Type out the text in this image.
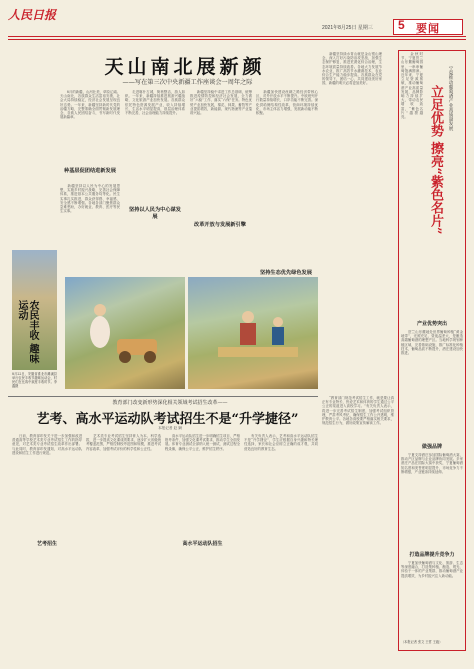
人民日报
2021年8月25日 星期三 5 要闻
天山南北展新颜
——写在第三次中央新疆工作座谈会一周年之际
　　8月的新疆，山河壮美，草原辽阔。天山南北，各族群众生活富裕安康，社会大局持续稳定，经济社会发展呈现良好态势。一年来，新疆坚持新时代党的治疆方略，完整准确全面贯彻新发展理念，各族人民团结奋斗，书写新时代发展新篇章。
种基层促团结进新发展
　　新疆坚持以人民为中心的发展思想，实施乡村振兴战略，完善社会保障体系，推进基本公共服务均等化。民生实事扎实推进，群众获得感、幸福感、安全感不断增强。各地各部门聚焦群众急难愁盼，办好就业、教育、医疗等民生实事。
　　走进喀什古城，街巷整洁，游人如织。一年来，新疆持续推进旅游兴疆战略，文化旅游产业加快发展。各族群众依托特色资源发展产业，收入持续增长，生活水平明显提高，基层治理体系不断完善，社会治理能力持续提升。
坚持以人民为中心谋发展
　　新疆坚持稳中求进工作总基调，统筹推进疫情防控和经济社会发展，全力做好“六稳”工作、落实“六保”任务。特色优势产业加快发展，棉花、林果、畜牧等产业提质增效，新能源、现代物流等产业蓬勃兴起。
改革开放与发展新引擎
　　新疆加快建设丝绸之路经济带核心区，对外开放水平不断提升。中欧班列开行数量持续增长，口岸功能不断完善。深化供给侧结构性改革，营商环境持续优化，市场主体活力增强，发展新动能不断积聚。
坚持生态优先绿色发展
　　新疆坚持绿水青山就是金山银山理念，深入打好污染防治攻坚战，加强生态保护修复，推进荒漠化综合治理，生态环境质量持续改善。各地大力发展节水农业，推广高效节水灌溉技术，农业综合生产能力稳步提高。各族群众在党的领导下，团结一心，共同建设美好家园，新疆的明天必将更加美好。
农民丰收 趣味运动
8月22日，安徽省淮北市濉溪县举行农民丰收节趣味运动会，村民们在比赛中欢度丰收时节。李 鑫摄
立足优势 擦亮“紫色名片” 宁夏推动葡萄酒产业高质量发展
　　金秋时节，宁夏贺兰山东麓葡萄园里，一串串葡萄饱满圆润。近年来，宁夏立足资源禀赋，推动葡萄酒产业高质量发展，品牌影响力持续扩大，带动农民增收致富，“紫色名片”越擦越亮。
产业优势突出
　　贺兰山东麓地处世界葡萄种植“黄金地带”，光照充足、昼夜温差大，是酿造高端葡萄酒的理想产区。当地科学规划种植区域，完善基础设施，推广标准化种植技术，葡萄品质不断提升，酒庄建设加快推进。
做强品牌
　　宁夏支持酒庄参加国际葡萄酒大赛，推动产区品牌与企业品牌协同发展。多家酒庄产品在国际大赛中获奖，宁夏葡萄酒知名度和美誉度明显提升，市场竞争力不断增强，产业链条持续延伸。
打造品牌提升竞争力
　　宁夏加快葡萄酒与文化、旅游、生态等深度融合，打造集种植、酿造、观光、体验于一体的产业集群，推动葡萄酒产业提质增效，为乡村振兴注入新动能。
（本报记者 张文 王哲 王毅）
　　“教育部门规范考试招生工作，就是要让真正有专业特长、热爱艺术和体育的学生通过公平公正的渠道进入高校学习。”有关负责人表示，将进一步完善考试招生制度，加强考试组织管理，严肃考风考纪，确保招生工作公开透明，维护教育公平。各地各高校要严格落实相关要求，规范招生行为，做好政策宣传解读工作。
教育部门改变新形势深化相关领域考试招生改革——
艺考、高水平运动队考试招生不是“升学捷径”
本报记者 赵 婀
　　日前，教育部印发关于进一步加强和改进普通高等学校艺术类专业考试招生工作的指导意见，对艺术类专业考试招生改革作出部署。与此同时，教育部印发通知，对高水平运动队建设和招生工作进行规范。
艺考招生
　　艺术类专业考试招生坚持育人为本、科学选拔，进一步提高文化课成绩要求，逐步扩大省级统考覆盖范围，严格控制校考范围和规模，推进考试内容改革，加强考试评价的科学性和公正性。
　　高水平运动队招生进一步明确招生项目，严格报考条件，加强文化课考试要求，推动学生全面发展。体育专业测试全部纳入统一测试，测试过程全程录像，确保公平公正，维护招生秩序。
高水平运动队招生
　　有关负责人表示，艺考和高水平运动队招生不是“升学捷径”，学生应根据自身兴趣和特长理性选择，家长和社会应树立正确的成才观，共同营造良好的教育生态。
